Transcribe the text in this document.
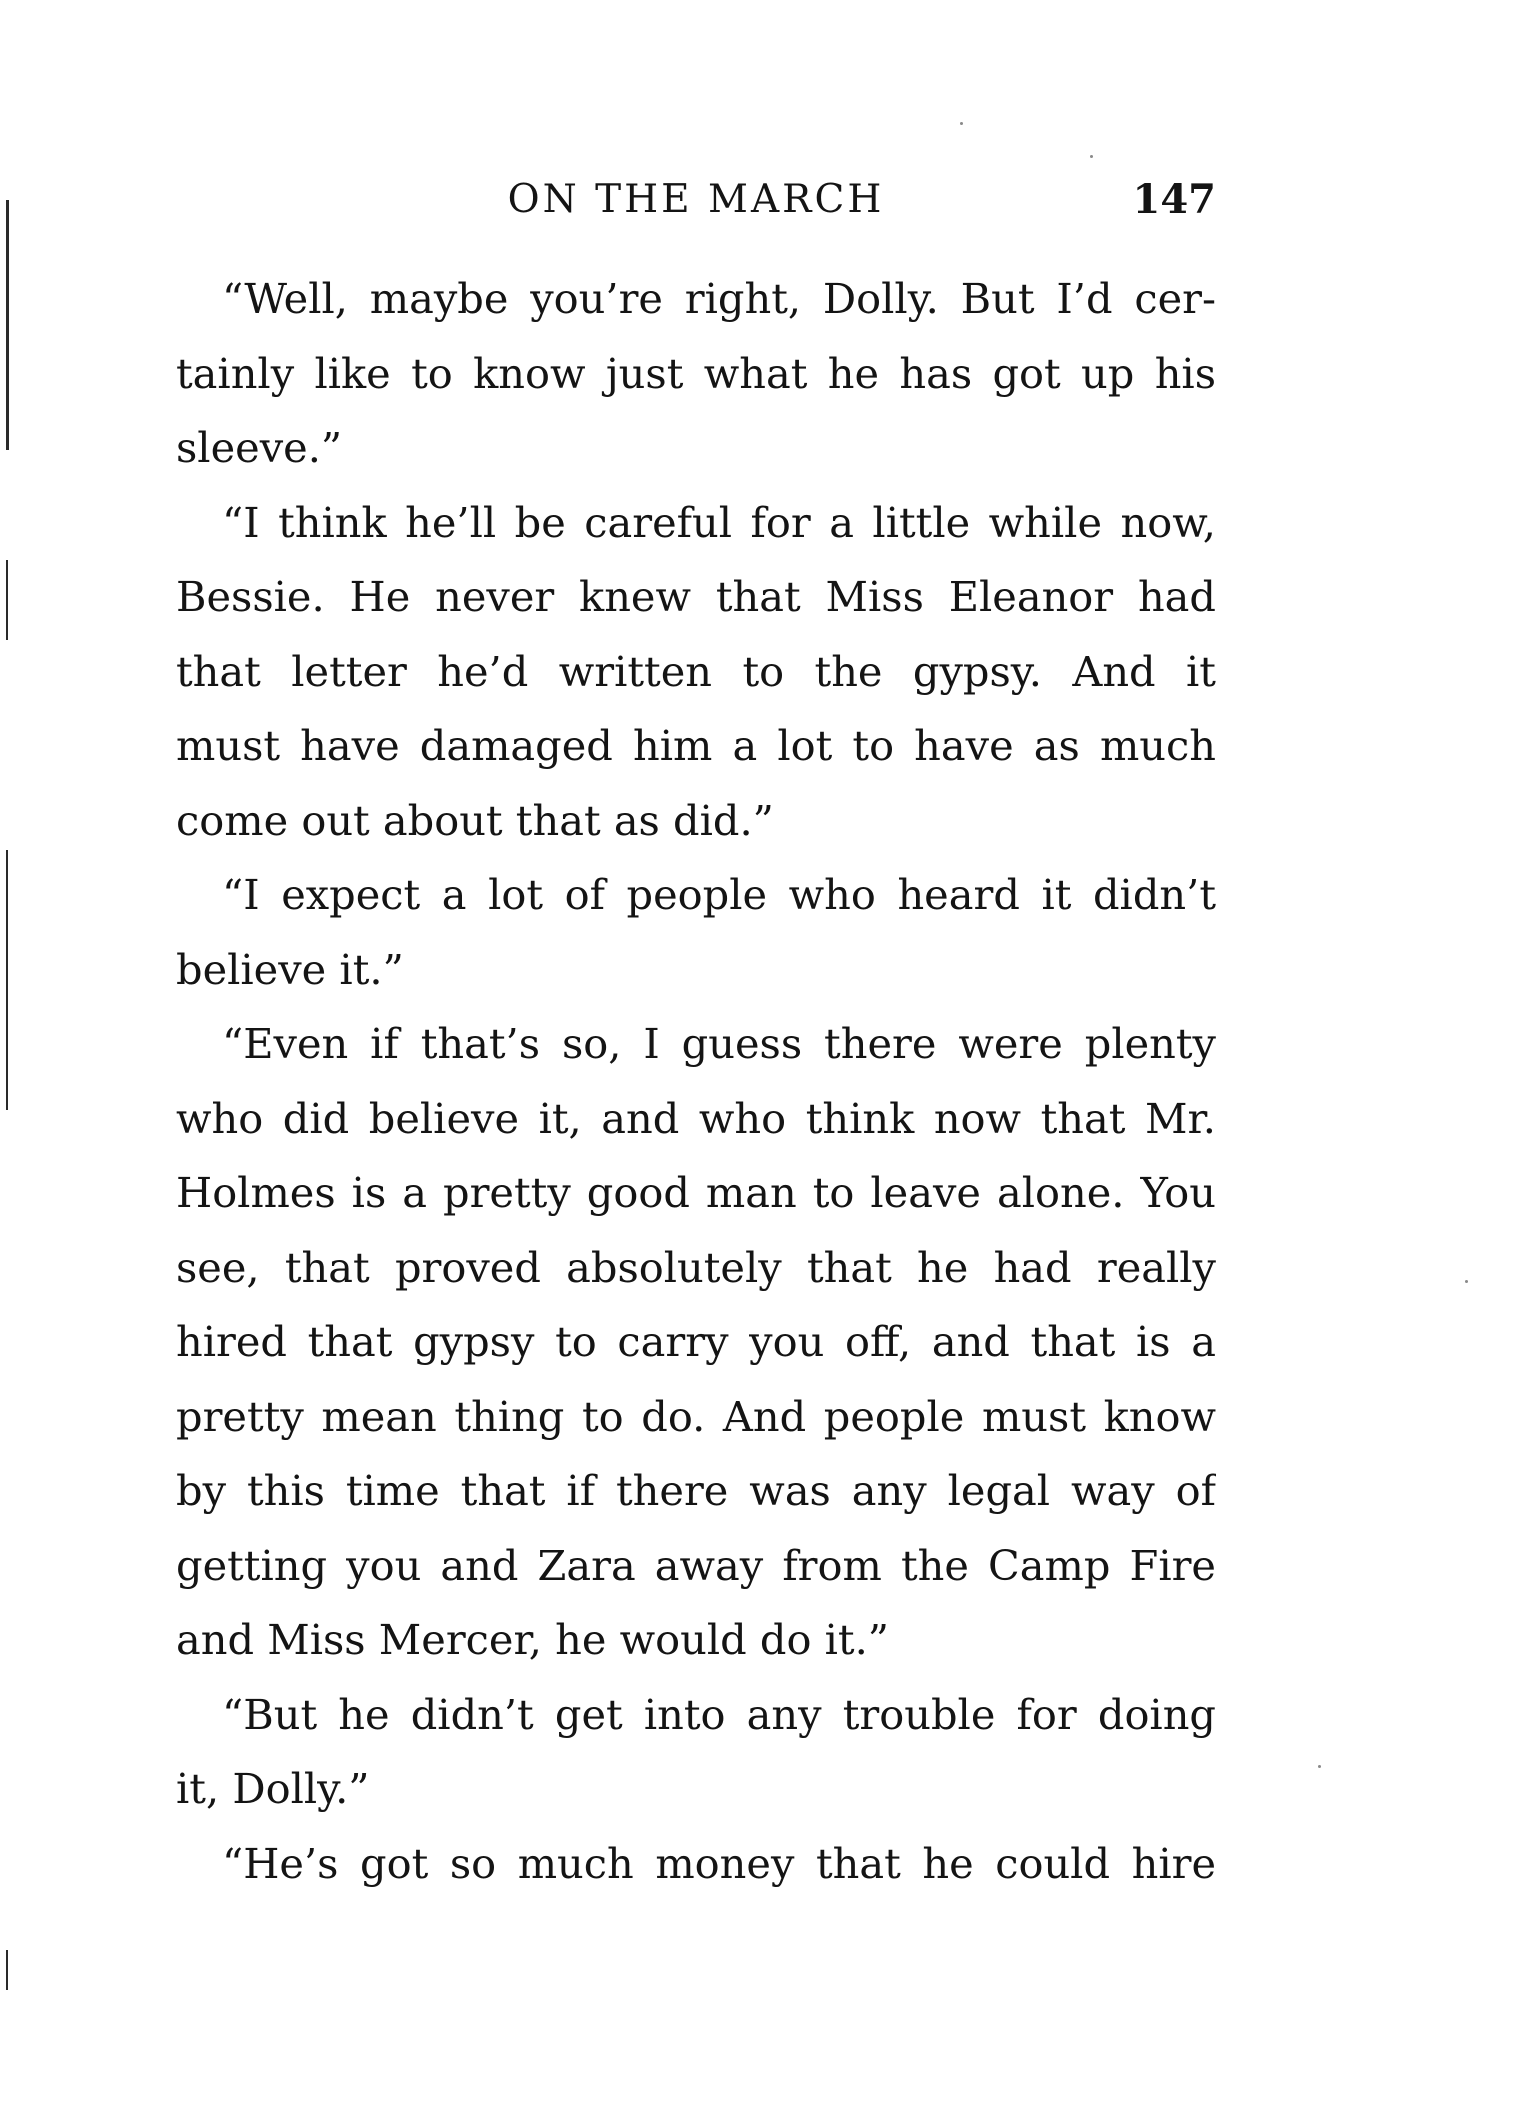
ON THE MARCH	147
“Well, maybe you’re right, Dolly. But I’d cer-
tainly like to know just what he has got up his
sleeve.”
“I think he’ll be careful for a little while now,
Bessie. He never knew that Miss Eleanor had
that letter he’d written to the gypsy. And it
must have damaged him a lot to have as much
come out about that as did.”
“I expect a lot of people who heard it didn’t
believe it.”
“Even if that’s so, I guess there were plenty
who did believe it, and who think now that Mr.
Holmes is a pretty good man to leave alone. You
see, that proved absolutely that he had really
hired that gypsy to carry you off, and that is a
pretty mean thing to do. And people must know
by this time that if there was any legal way of
getting you and Zara away from the Camp Fire
and Miss Mercer, he would do it.”
“But he didn’t get into any trouble for doing
it, Dolly.”
“He’s got so much money that he could hire
